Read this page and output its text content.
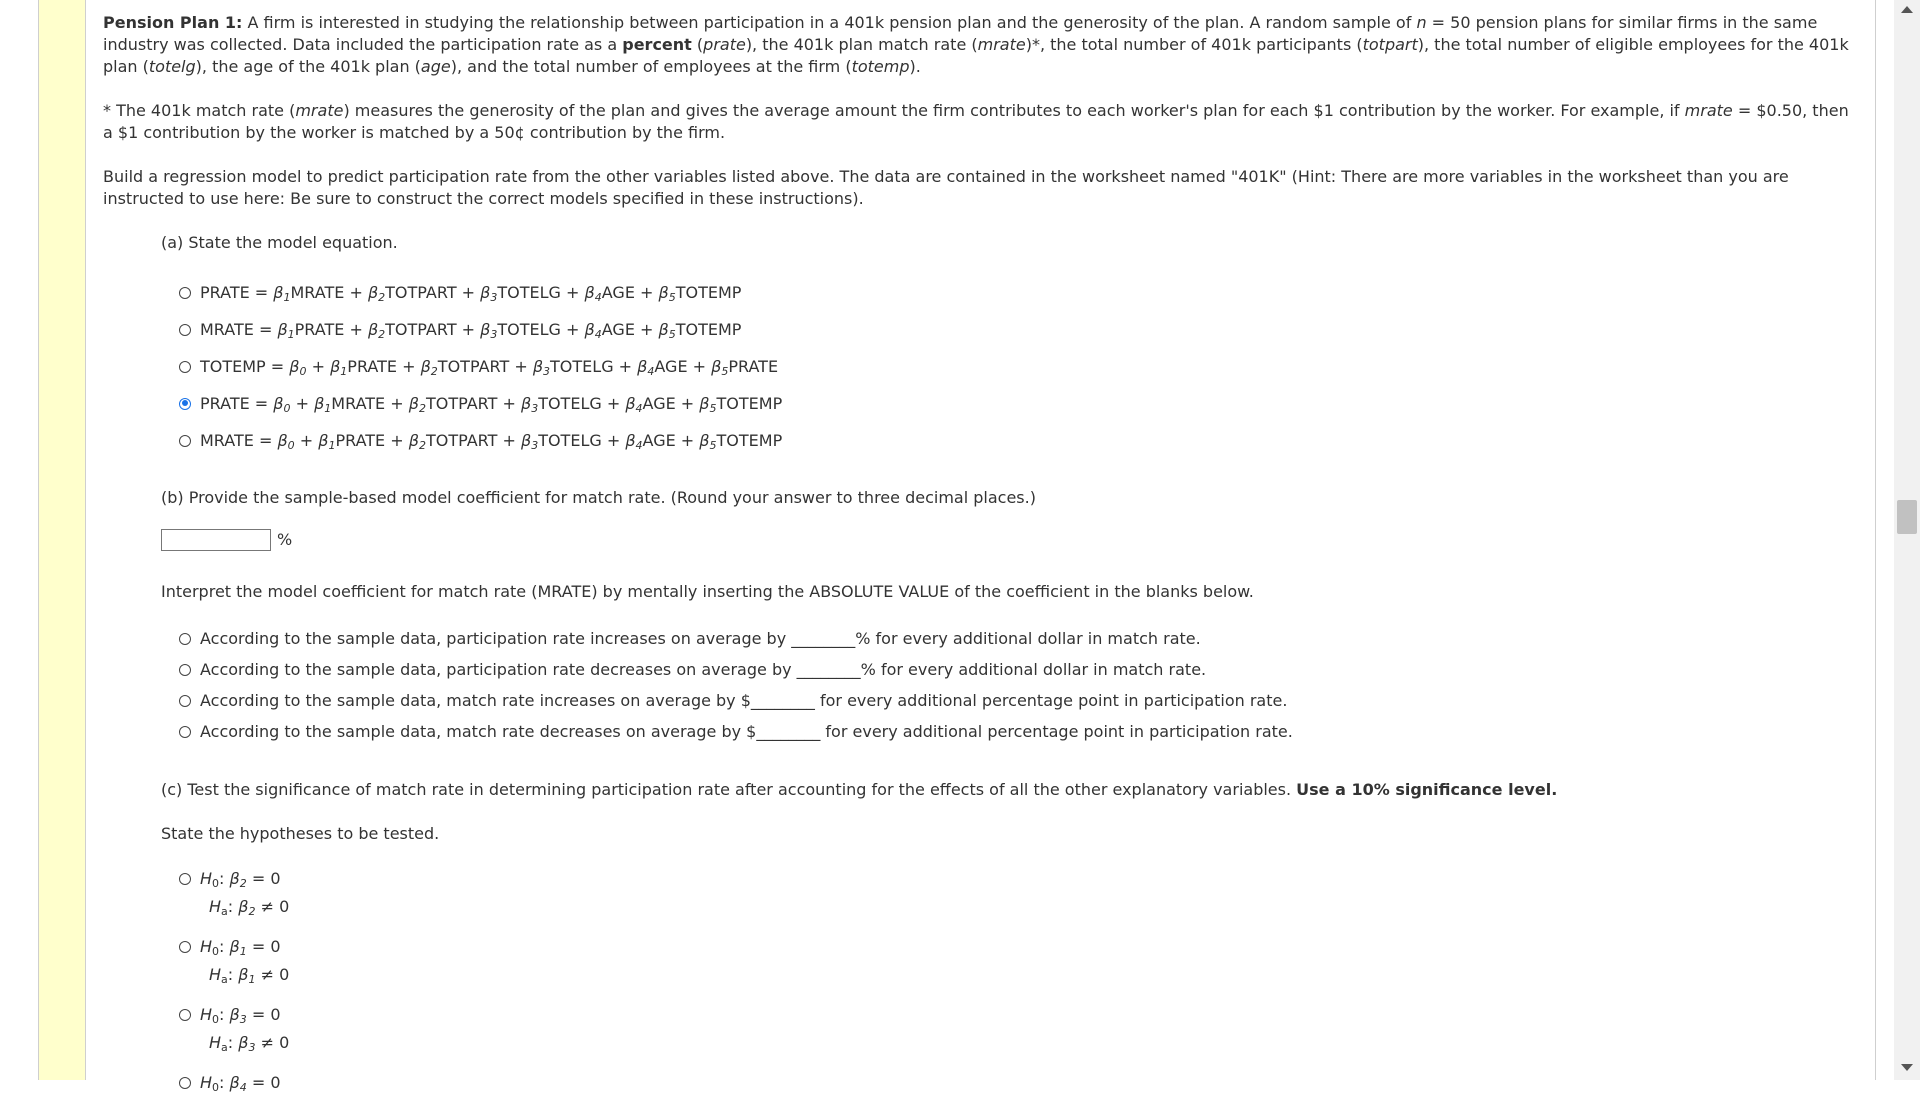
Pension Plan 1: A firm is interested in studying the relationship between participation in a 401k pension plan and the generosity of the plan. A random sample of n = 50 pension plans for similar firms in the same industry was collected. Data included the participation rate as a percent (prate), the 401k plan match rate (mrate)*, the total number of 401k participants (totpart), the total number of eligible employees for the 401k plan (totelg), the age of the 401k plan (age), and the total number of employees at the firm (totemp).

* The 401k match rate (mrate) measures the generosity of the plan and gives the average amount the firm contributes to each worker's plan for each $1 contribution by the worker. For example, if mrate = $0.50, then a $1 contribution by the worker is matched by a 50¢ contribution by the firm.

Build a regression model to predict participation rate from the other variables listed above. The data are contained in the worksheet named "401K" (Hint: There are more variables in the worksheet than you are instructed to use here: Be sure to construct the correct models specified in these instructions).

(a) State the model equation.

PRATE = $\beta_1MRATE$ + $\beta_2TOTPART$ + $\beta_3TOTELG + \beta_4AGE$ + $\beta_5TOTEMP$
MRATE = $\beta_1PRATE$ + $\beta_2TOTPART$ + $\beta_3TOTELG + \beta_4AGE$ + $\beta_5TOTEMP$
TOTEMP = $\beta_0$ + $\beta_1PRATE$ + $\beta_2TOTPART$ + $\beta_3TOTELG + \beta_4AGE$ + $\beta_5PRATE$
PRATE = $\beta_0$ + $\beta_1MRATE$ + $\beta_2TOTPART$ + $\beta_3TOTELG + \beta_4AGE$ + $\beta_5TOTEMP$
MRATE = $\beta_0$ + $\beta_1PRATE$ + $\beta_2TOTPART$ + $\beta_3TOTELG + \beta_4AGE$ + $\beta_5TOTEMP$

(b) Provide the sample-based model coefficient for match rate. (Round your answer to three decimal places.)

%

Interpret the model coefficient for match rate (MRATE) by mentally inserting the ABSOLUTE VALUE of the coefficient in the blanks below.

According to the sample data, participation rate increases on average by ________% for every additional dollar in match rate.
According to the sample data, participation rate decreases on average by ________% for every additional dollar in match rate.
According to the sample data, match rate increases on average by $________ for every additional percentage point in participation rate.
According to the sample data, match rate decreases on average by $________ for every additional percentage point in participation rate.

(c) Test the significance of match rate in determining participation rate after accounting for the effects of all the other explanatory variables. Use a 10% significance level.

State the hypotheses to be tested.

$H_0$: $\beta_2 = 0$
$H_a$: $\beta_2 \ne 0$
$H_0$: $\beta_1 = 0$
$H_a$: $\beta_1 \ne 0$
$H_0$: $\beta_3 = 0$
$H_a$: $\beta_3 \ne 0$
$H_0$: $\beta_4 = 0$
